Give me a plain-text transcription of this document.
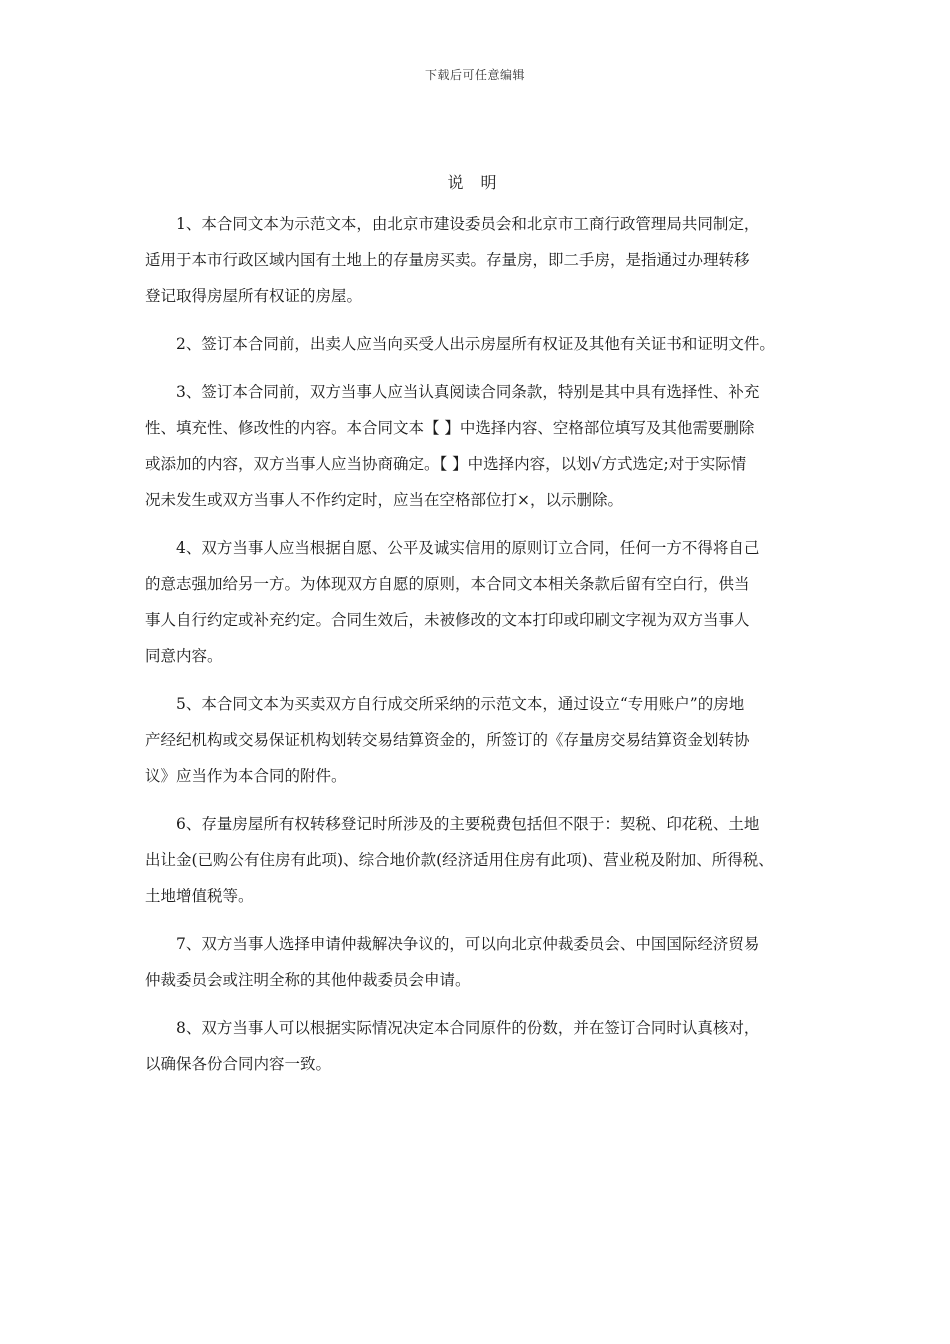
下载后可任意编辑
说 明
1、本合同文本为示范文本，由北京市建设委员会和北京市工商行政管理局共同制定，
适用于本市行政区域内国有土地上的存量房买卖。存量房，即二手房，是指通过办理转移
登记取得房屋所有权证的房屋。
2、签订本合同前，出卖人应当向买受人出示房屋所有权证及其他有关证书和证明文件。
3、签订本合同前，双方当事人应当认真阅读合同条款，特别是其中具有选择性、补充
性、填充性、修改性的内容。本合同文本【 】中选择内容、空格部位填写及其他需要删除
或添加的内容，双方当事人应当协商确定。【 】中选择内容，以划√方式选定;对于实际情
况未发生或双方当事人不作约定时，应当在空格部位打×，以示删除。
4、双方当事人应当根据自愿、公平及诚实信用的原则订立合同，任何一方不得将自己
的意志强加给另一方。为体现双方自愿的原则，本合同文本相关条款后留有空白行，供当
事人自行约定或补充约定。合同生效后，未被修改的文本打印或印刷文字视为双方当事人
同意内容。
5、本合同文本为买卖双方自行成交所采纳的示范文本，通过设立“专用账户”的房地
产经纪机构或交易保证机构划转交易结算资金的，所签订的《存量房交易结算资金划转协
议》应当作为本合同的附件。
6、存量房屋所有权转移登记时所涉及的主要税费包括但不限于：契税、印花税、土地
出让金(已购公有住房有此项)、综合地价款(经济适用住房有此项)、营业税及附加、所得税、
土地增值税等。
7、双方当事人选择申请仲裁解决争议的，可以向北京仲裁委员会、中国国际经济贸易
仲裁委员会或注明全称的其他仲裁委员会申请。
8、双方当事人可以根据实际情况决定本合同原件的份数，并在签订合同时认真核对，
以确保各份合同内容一致。
